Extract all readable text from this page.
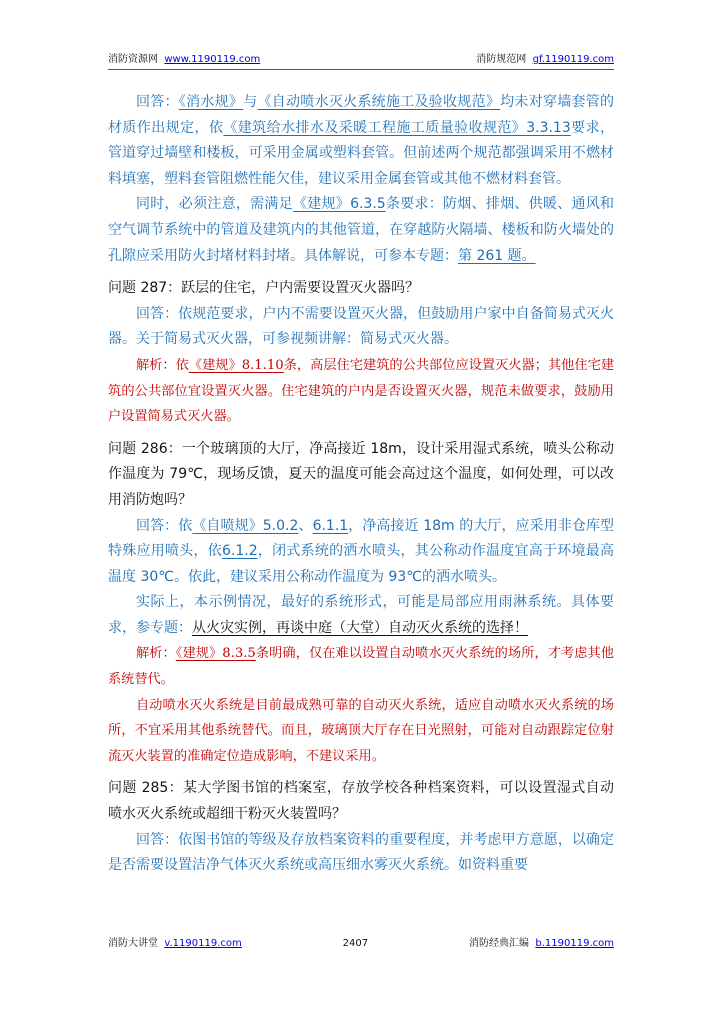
消防资源网 www.1190119.com	消防规范网 gf.1190119.com

回答：《消水规》与《自动喷水灭火系统施工及验收规范》均未对穿墙套管的材质作出规定，依《建筑给水排水及采暖工程施工质量验收规范》3.3.13要求，管道穿过墙壁和楼板，可采用金属或塑料套管。但前述两个规范都强调采用不燃材料填塞，塑料套管阻燃性能欠佳，建议采用金属套管或其他不燃材料套管。

同时，必须注意，需满足《建规》6.3.5条要求：防烟、排烟、供暖、通风和空气调节系统中的管道及建筑内的其他管道，在穿越防火隔墙、楼板和防火墙处的孔隙应采用防火封堵材料封堵。具体解说，可参本专题：第 261 题。

问题 287：跃层的住宅，户内需要设置灭火器吗？

回答：依规范要求，户内不需要设置灭火器，但鼓励用户家中自备简易式灭火器。关于简易式灭火器，可参视频讲解：简易式灭火器。

解析：依《建规》8.1.10条，高层住宅建筑的公共部位应设置灭火器；其他住宅建筑的公共部位宜设置灭火器。住宅建筑的户内是否设置灭火器，规范未做要求，鼓励用户设置简易式灭火器。

问题 286：一个玻璃顶的大厅，净高接近 18m，设计采用湿式系统，喷头公称动作温度为 79℃，现场反馈，夏天的温度可能会高过这个温度，如何处理，可以改用消防炮吗？

回答：依《自喷规》5.0.2、6.1.1，净高接近 18m 的大厅，应采用非仓库型特殊应用喷头，依6.1.2，闭式系统的洒水喷头，其公称动作温度宜高于环境最高温度 30℃。依此，建议采用公称动作温度为 93℃的洒水喷头。

实际上，本示例情况，最好的系统形式，可能是局部应用雨淋系统。具体要求，参专题：从火灾实例，再谈中庭（大堂）自动灭火系统的选择！

解析：《建规》8.3.5条明确，仅在难以设置自动喷水灭火系统的场所，才考虑其他系统替代。

自动喷水灭火系统是目前最成熟可靠的自动灭火系统，适应自动喷水灭火系统的场所，不宜采用其他系统替代。而且，玻璃顶大厅存在日光照射，可能对自动跟踪定位射流灭火装置的准确定位造成影响，不建议采用。

问题 285：某大学图书馆的档案室，存放学校各种档案资料，可以设置湿式自动喷水灭火系统或超细干粉灭火装置吗？

回答：依图书馆的等级及存放档案资料的重要程度，并考虑甲方意愿，以确定是否需要设置洁净气体灭火系统或高压细水雾灭火系统。如资料重要

消防大讲堂 v.1190119.com	2407	消防经典汇编 b.1190119.com
